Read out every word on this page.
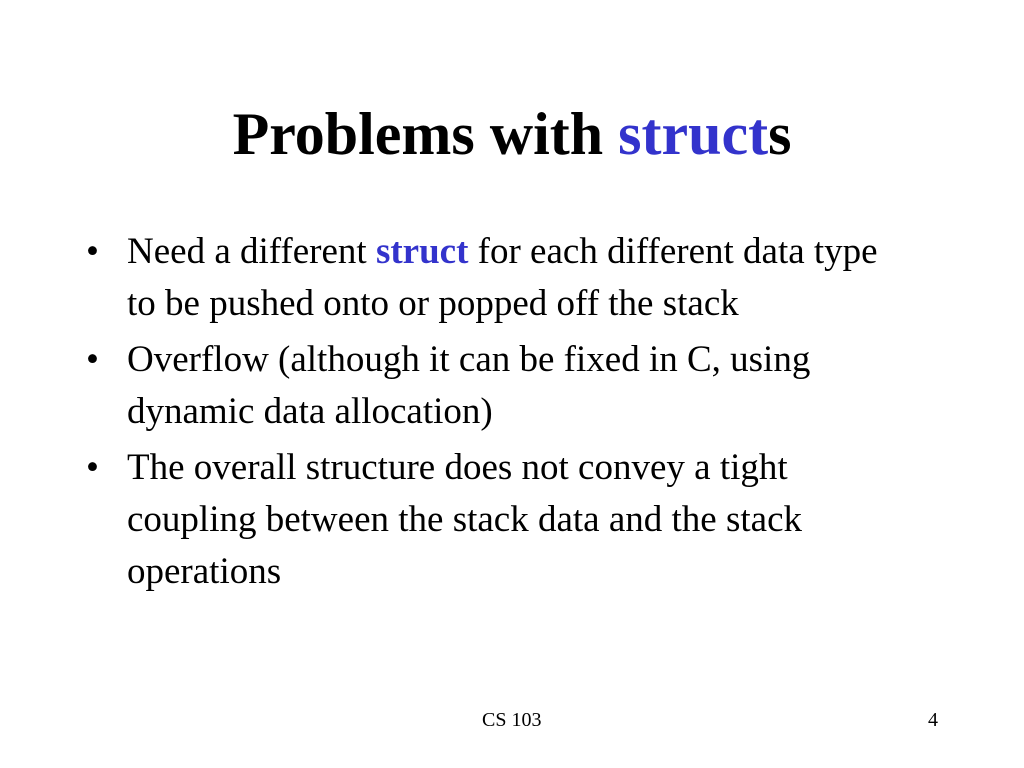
Problems with structs
• Need a different struct for each different data type to be pushed onto or popped off the stack
• Overflow (although it can be fixed in C, using dynamic data allocation)
• The overall structure does not convey a tight coupling between the stack data and the stack operations
CS 103	4
